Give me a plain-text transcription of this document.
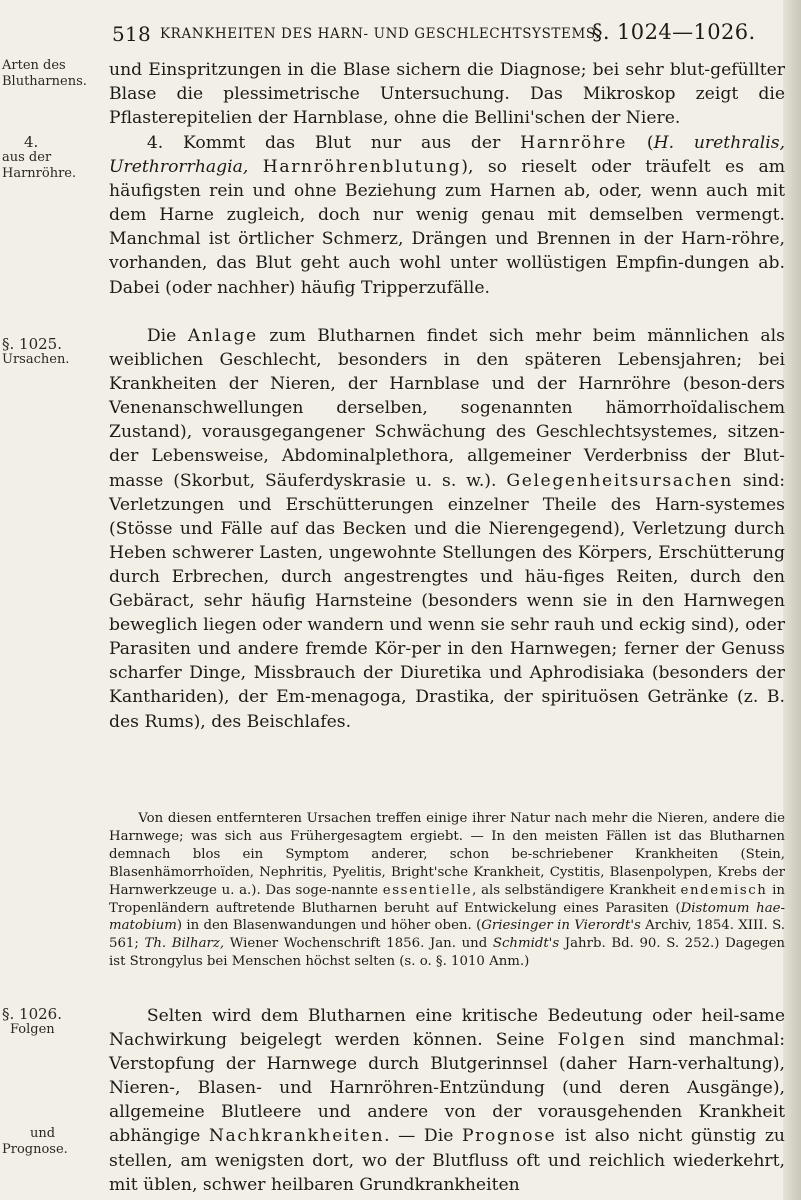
518 KRANKHEITEN DES HARN- UND GESCHLECHTSYSTEMS.
§. 1024—1026.
Arten des
Blutharnens.
4.
aus der
Harnröhre.
§. 1025.
Ursachen.
§. 1026.
Folgen
und
Prognose.

und Einspritzungen in die Blase sichern die Diagnose; bei sehr blut-gefüllter Blase die plessimetrische Untersuchung. Das Mikroskop zeigt die Pflasterepitelien der Harnblase, ohne die Bellini'schen der Niere.

4. Kommt das Blut nur aus der Harnröhre (H. urethralis, Urethrorrhagia, Harnröhrenblutung), so rieselt oder träufelt es am häufigsten rein und ohne Beziehung zum Harnen ab, oder, wenn auch mit dem Harne zugleich, doch nur wenig genau mit demselben vermengt. Manchmal ist örtlicher Schmerz, Drängen und Brennen in der Harn-röhre, vorhanden, das Blut geht auch wohl unter wollüstigen Empfin-dungen ab. Dabei (oder nachher) häufig Tripperzufälle.

Die Anlage zum Blutharnen findet sich mehr beim männlichen als weiblichen Geschlecht, besonders in den späteren Lebensjahren; bei Krankheiten der Nieren, der Harnblase und der Harnröhre (beson-ders Venenanschwellungen derselben, sogenannten hämorrhoïdalischem Zustand), vorausgegangener Schwächung des Geschlechtsystemes, sitzen-der Lebensweise, Abdominalplethora, allgemeiner Verderbniss der Blut-masse (Skorbut, Säuferdyskrasie u. s. w.). Gelegenheitsursachen sind: Verletzungen und Erschütterungen einzelner Theile des Harn-systemes (Stösse und Fälle auf das Becken und die Nierengegend), Verletzung durch Heben schwerer Lasten, ungewohnte Stellungen des Körpers, Erschütterung durch Erbrechen, durch angestrengtes und häu-figes Reiten, durch den Gebäract, sehr häufig Harnsteine (besonders wenn sie in den Harnwegen beweglich liegen oder wandern und wenn sie sehr rauh und eckig sind), oder Parasiten und andere fremde Kör-per in den Harnwegen; ferner der Genuss scharfer Dinge, Missbrauch der Diuretika und Aphrodisiaka (besonders der Kanthariden), der Em-menagoga, Drastika, der spirituösen Getränke (z. B. des Rums), des Beischlafes.

Von diesen entfernteren Ursachen treffen einige ihrer Natur nach mehr die Nieren, andere die Harnwege; was sich aus Frühergesagtem ergiebt. — In den meisten Fällen ist das Blutharnen demnach blos ein Symptom anderer, schon be-schriebener Krankheiten (Stein, Blasenhämorrhoïden, Nephritis, Pyelitis, Bright'sche Krankheit, Cystitis, Blasenpolypen, Krebs der Harnwerkzeuge u. a.). Das soge-nannte essentielle, als selbständigere Krankheit endemisch in Tropenländern auftretende Blutharnen beruht auf Entwickelung eines Parasiten (Distomum hae-matobium) in den Blasenwandungen und höher oben. (Griesinger in Vierordt's Archiv, 1854. XIII. S. 561; Th. Bilharz, Wiener Wochenschrift 1856. Jan. und Schmidt's Jahrb. Bd. 90. S. 252.) Dagegen ist Strongylus bei Menschen höchst selten (s. o. §. 1010 Anm.)

Selten wird dem Blutharnen eine kritische Bedeutung oder heil-same Nachwirkung beigelegt werden können. Seine Folgen sind manchmal: Verstopfung der Harnwege durch Blutgerinnsel (daher Harn-verhaltung), Nieren-, Blasen- und Harnröhren-Entzündung (und deren Ausgänge), allgemeine Blutleere und andere von der vorausgehenden Krankheit abhängige Nachkrankheiten. — Die Prognose ist also nicht günstig zu stellen, am wenigsten dort, wo der Blutfluss oft und reichlich wiederkehrt, mit üblen, schwer heilbaren Grundkrankheiten
